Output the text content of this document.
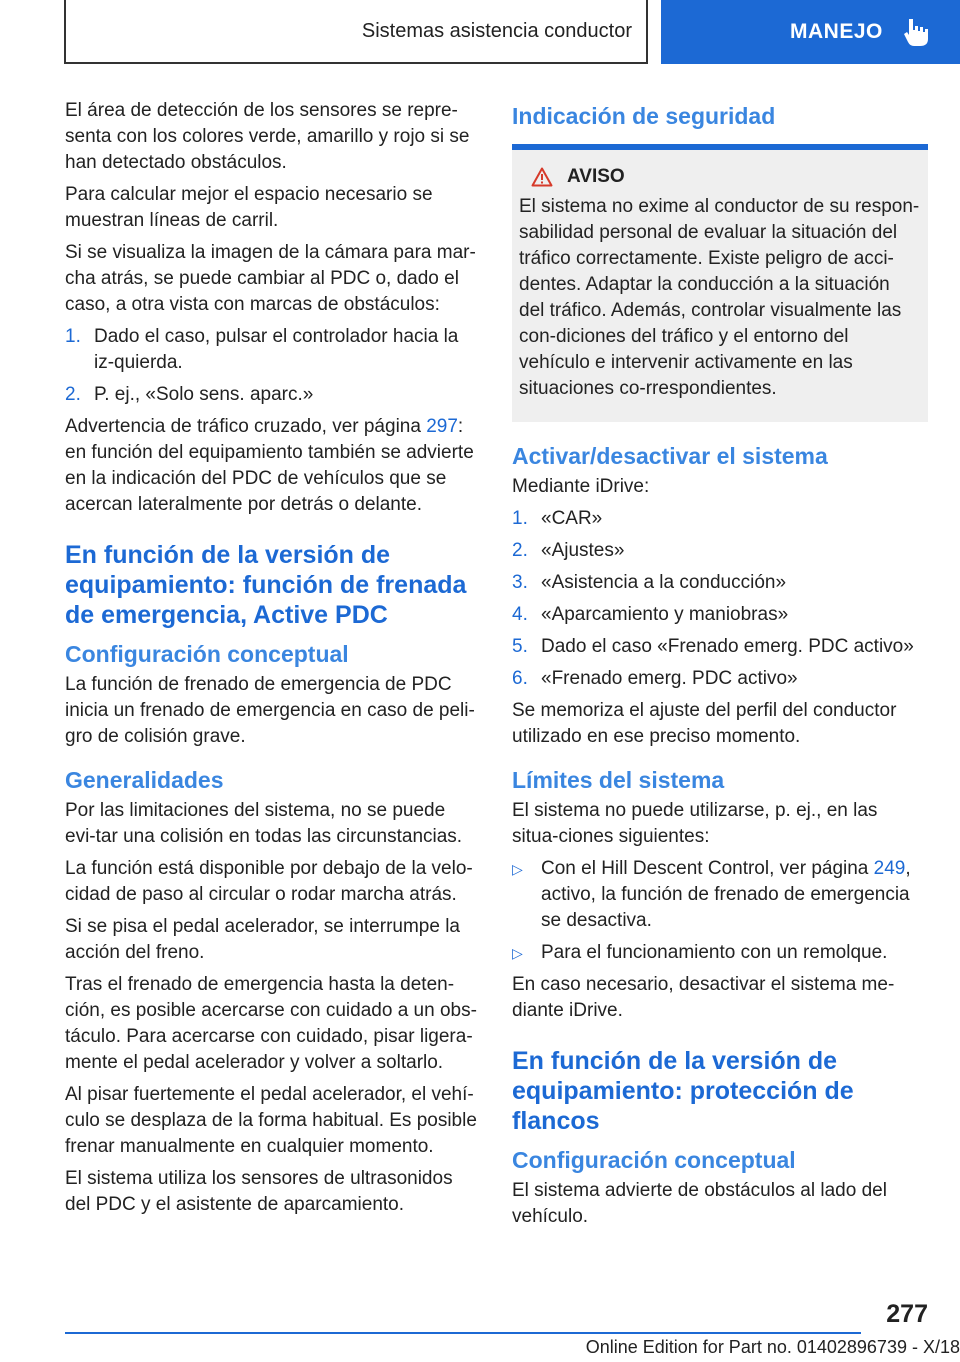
Sistemas asistencia conductor	MANEJO

El área de detección de los sensores se repre-senta con los colores verde, amarillo y rojo si se han detectado obstáculos.

Para calcular mejor el espacio necesario se muestran líneas de carril.

Si se visualiza la imagen de la cámara para mar-cha atrás, se puede cambiar al PDC o, dado el caso, a otra vista con marcas de obstáculos:

1. Dado el caso, pulsar el controlador hacia la iz-quierda.
2. P. ej., «Solo sens. aparc.»

Advertencia de tráfico cruzado, ver página 297: en función del equipamiento también se advierte en la indicación del PDC de vehículos que se acercan lateralmente por detrás o delante.

En función de la versión de equipamiento: función de frenada de emergencia, Active PDC
Configuración conceptual

La función de frenado de emergencia de PDC inicia un frenado de emergencia en caso de peli-gro de colisión grave.

Generalidades

Por las limitaciones del sistema, no se puede evi-tar una colisión en todas las circunstancias.

La función está disponible por debajo de la velo-cidad de paso al circular o rodar marcha atrás.

Si se pisa el pedal acelerador, se interrumpe la acción del freno.

Tras el frenado de emergencia hasta la deten-ción, es posible acercarse con cuidado a un obs-táculo. Para acercarse con cuidado, pisar ligera-mente el pedal acelerador y volver a soltarlo.

Al pisar fuertemente el pedal acelerador, el vehí-culo se desplaza de la forma habitual. Es posible frenar manualmente en cualquier momento.

El sistema utiliza los sensores de ultrasonidos del PDC y el asistente de aparcamiento.

Indicación de seguridad
AVISO
El sistema no exime al conductor de su respon-sabilidad personal de evaluar la situación del tráfico correctamente. Existe peligro de acci-dentes. Adaptar la conducción a la situación del tráfico. Además, controlar visualmente las con-diciones del tráfico y el entorno del vehículo e intervenir activamente en las situaciones co-rrespondientes.
Activar/desactivar el sistema

Mediante iDrive:

1. «CAR»
2. «Ajustes»
3. «Asistencia a la conducción»
4. «Aparcamiento y maniobras»
5. Dado el caso «Frenado emerg. PDC activo»
6. «Frenado emerg. PDC activo»

Se memoriza el ajuste del perfil del conductor utilizado en ese preciso momento.

Límites del sistema

El sistema no puede utilizarse, p. ej., en las situa-ciones siguientes:

▷ Con el Hill Descent Control, ver página 249, activo, la función de frenado de emergencia se desactiva.
▷ Para el funcionamiento con un remolque.

En caso necesario, desactivar el sistema me-diante iDrive.

En función de la versión de equipamiento: protección de flancos
Configuración conceptual

El sistema advierte de obstáculos al lado del vehículo.

277
Online Edition for Part no. 01402896739 - X/18
